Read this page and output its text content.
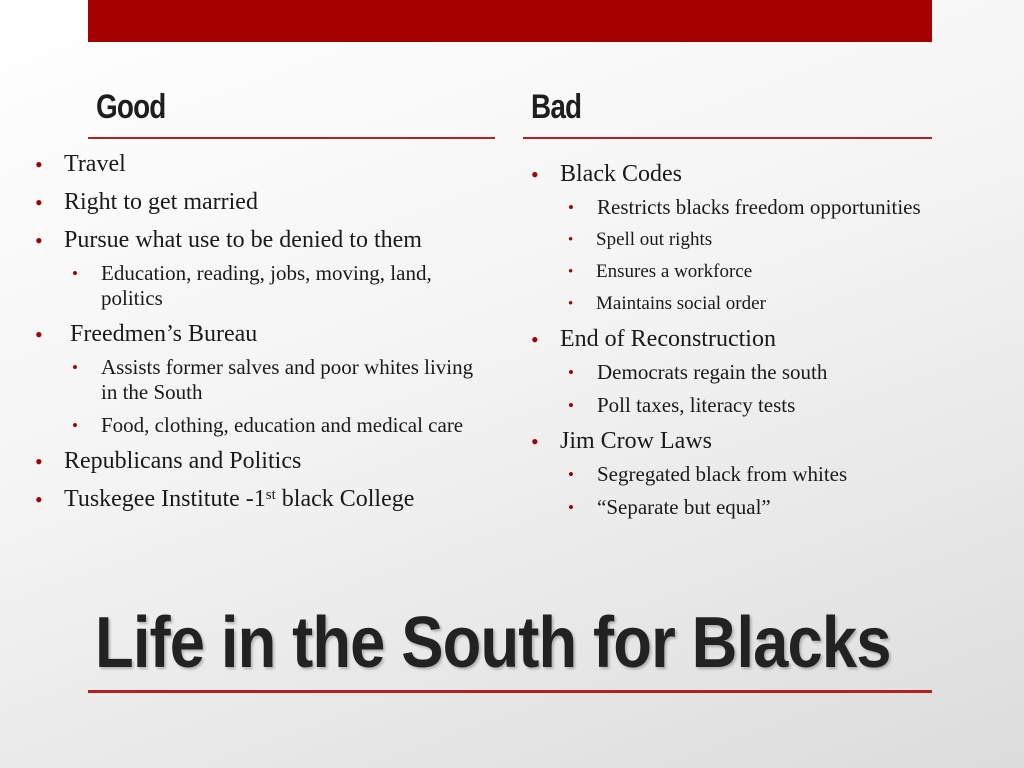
Good	Bad
• Travel
• Right to get married
• Pursue what use to be denied to them
• Education, reading, jobs, moving, land, politics
• Freedmen’s Bureau
• Assists former salves and poor whites living in the South
• Food, clothing, education and medical care
• Republicans and Politics
• Tuskegee Institute -1st black College
• Black Codes
• Restricts blacks freedom opportunities
• Spell out rights
• Ensures a workforce
• Maintains social order
• End of Reconstruction
• Democrats regain the south
• Poll taxes, literacy tests
• Jim Crow Laws
• Segregated black from whites
• “Separate but equal”
Life in the South for Blacks
